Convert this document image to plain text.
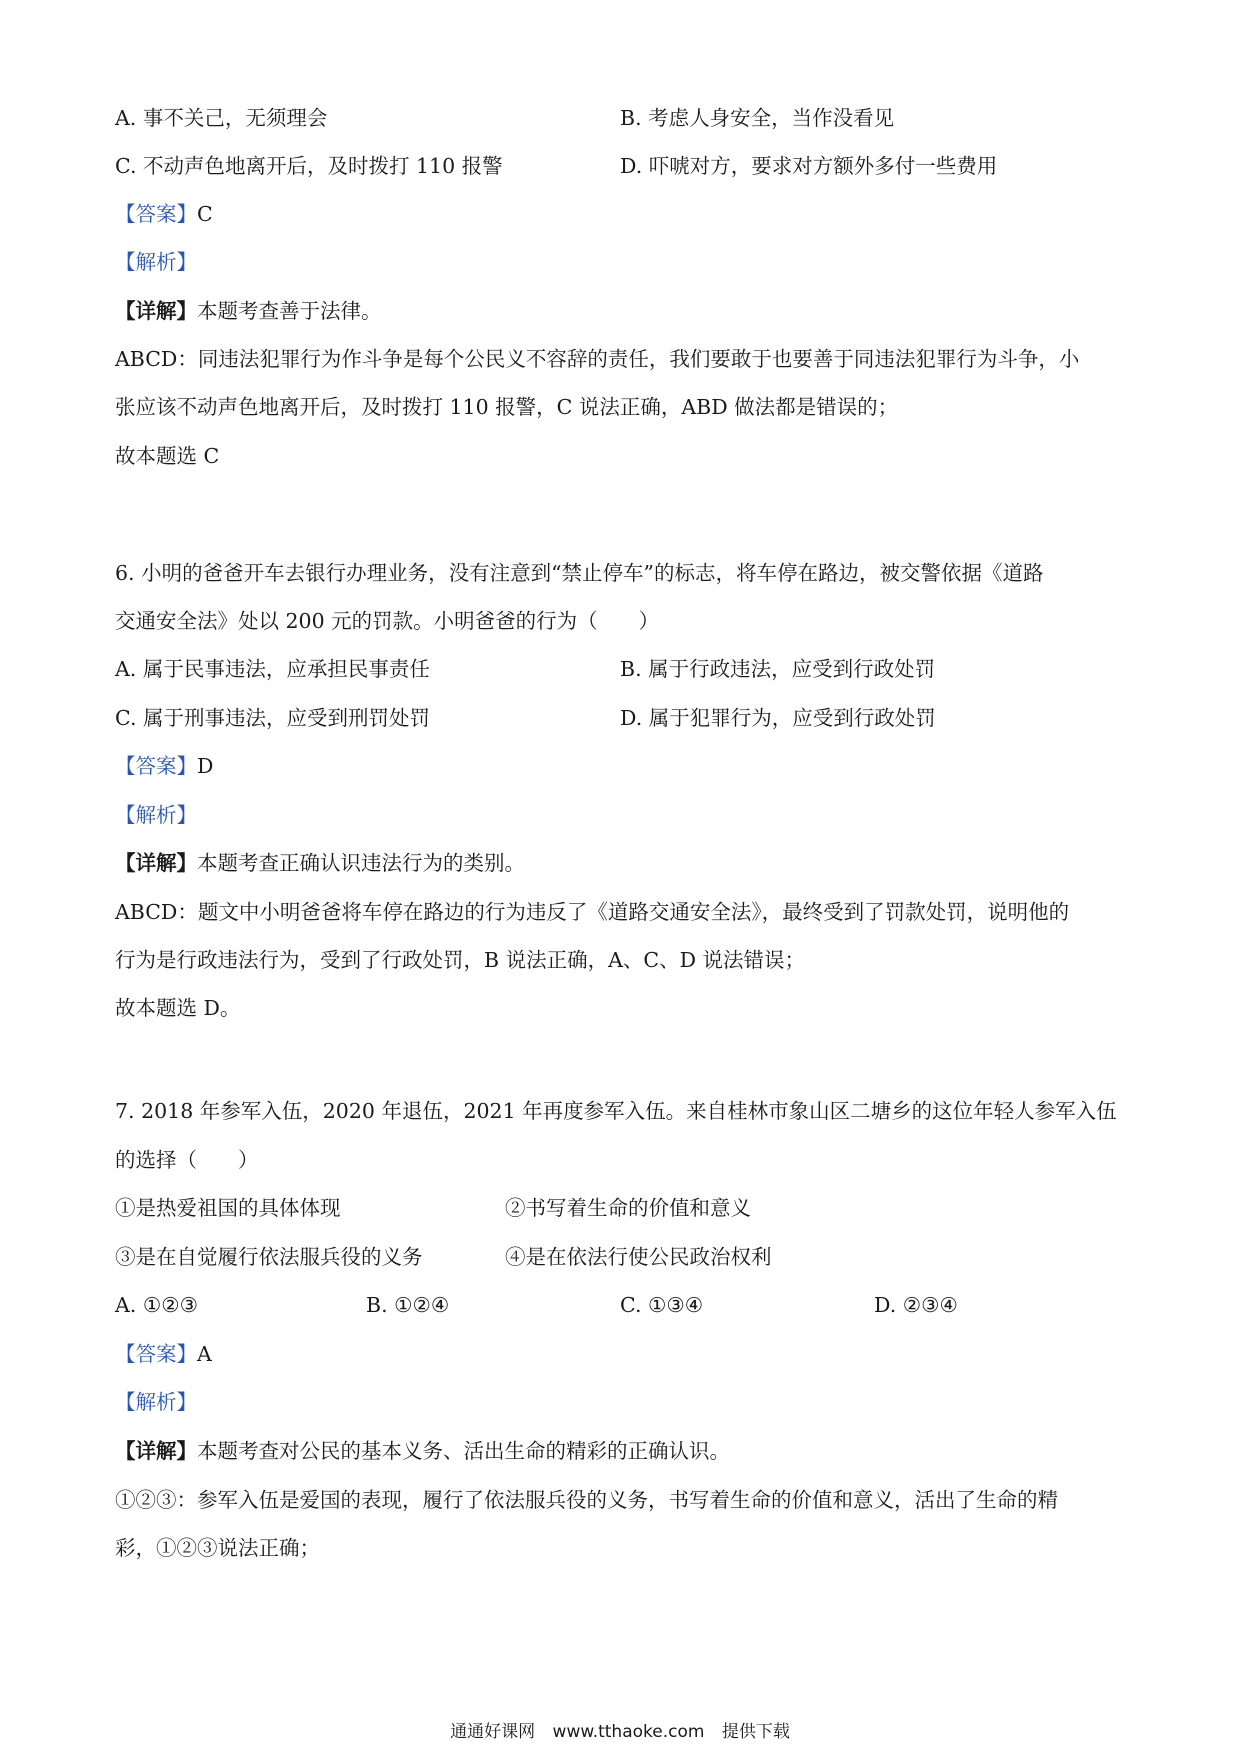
A. 事不关己，无须理会	B. 考虑人身安全，当作没看见
C. 不动声色地离开后，及时拨打 110 报警	D. 吓唬对方，要求对方额外多付一些费用
【答案】C
【解析】
【详解】本题考查善于法律。
ABCD：同违法犯罪行为作斗争是每个公民义不容辞的责任，我们要敢于也要善于同违法犯罪行为斗争，小
张应该不动声色地离开后，及时拨打 110 报警，C 说法正确，ABD 做法都是错误的；
故本题选 C
6. 小明的爸爸开车去银行办理业务，没有注意到“禁止停车”的标志，将车停在路边，被交警依据《道路
交通安全法》处以 200 元的罚款。小明爸爸的行为（　　）
A. 属于民事违法，应承担民事责任	B. 属于行政违法，应受到行政处罚
C. 属于刑事违法，应受到刑罚处罚	D. 属于犯罪行为，应受到行政处罚
【答案】D
【解析】
【详解】本题考查正确认识违法行为的类别。
ABCD：题文中小明爸爸将车停在路边的行为违反了《道路交通安全法》，最终受到了罚款处罚，说明他的
行为是行政违法行为，受到了行政处罚，B 说法正确，A、C、D 说法错误；
故本题选 D。
7. 2018 年参军入伍，2020 年退伍，2021 年再度参军入伍。来自桂林市象山区二塘乡的这位年轻人参军入伍
的选择（　　）
①是热爱祖国的具体体现	②书写着生命的价值和意义
③是在自觉履行依法服兵役的义务	④是在依法行使公民政治权利
A. ①②③	B. ①②④	C. ①③④	D. ②③④
【答案】A
【解析】
【详解】本题考查对公民的基本义务、活出生命的精彩的正确认识。
①②③：参军入伍是爱国的表现，履行了依法服兵役的义务，书写着生命的价值和意义，活出了生命的精
彩，①②③说法正确；
通通好课网 www.tthaoke.com 提供下载
